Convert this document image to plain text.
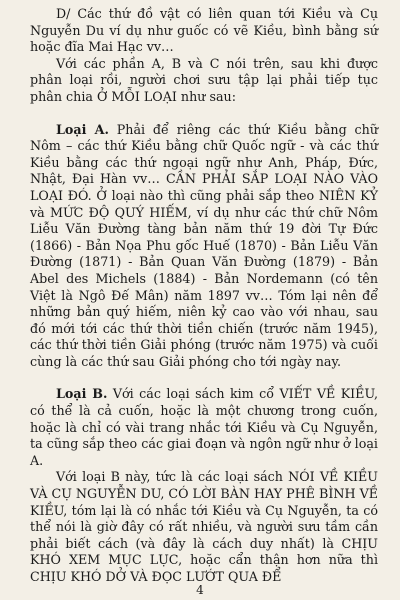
D/ Các thứ đồ vật có liên quan tới Kiều và Cụ Nguyễn Du ví dụ như guốc có vẽ Kiều, bình bằng sứ hoặc đĩa Mai Hạc vv…

Với các phần A, B và C nói trên, sau khi được phân loại rồi, người chơi sưu tập lại phải tiếp tục phân chia Ở MỖI LOẠI như sau:

Loại A. Phải để riêng các thứ Kiều bằng chữ Nôm – các thứ Kiều bằng chữ Quốc ngữ - và các thứ Kiều bằng các thứ ngoại ngữ như Anh, Pháp, Đức, Nhật, Đại Hàn vv… CẦN PHẢI SẮP LOẠI NÀO VÀO LOẠI ĐÓ. Ở loại nào thì cũng phải sắp theo NIÊN KỶ và MỨC ĐỘ QUÝ HIẾM, ví dụ như các thứ chữ Nôm Liễu Văn Đường tàng bản năm thứ 19 đời Tự Đức (1866) - Bản Nọa Phu gốc Huế (1870) - Bản Liễu Văn Đường (1871) - Bản Quan Văn Đường (1879) - Bản Abel des Michels (1884) - Bản Nordemann (có tên Việt là Ngô Đế Mân) năm 1897 vv… Tóm lại nên để những bản quý hiếm, niên kỷ cao vào với nhau, sau đó mới tới các thứ thời tiền chiến (trước năm 1945), các thứ thời tiền Giải phóng (trước năm 1975) và cuối cùng là các thứ sau Giải phóng cho tới ngày nay.

Loại B. Với các loại sách kim cổ VIẾT VỀ KIỀU, có thể là cả cuốn, hoặc là một chương trong cuốn, hoặc là chỉ có vài trang nhắc tới Kiều và Cụ Nguyễn, ta cũng sắp theo các giai đoạn và ngôn ngữ như ở loại A.

Với loại B này, tức là các loại sách NÓI VỀ KIỀU VÀ CỤ NGUYỄN DU, CÓ LỜI BÀN HAY PHÊ BÌNH VỀ KIỀU, tóm lại là có nhắc tới Kiều và Cụ Nguyễn, ta có thể nói là giờ đây có rất nhiều, và người sưu tầm cần phải biết cách (và đây là cách duy nhất) là CHỊU KHÓ XEM MỤC LỤC, hoặc cẩn thận hơn nữa thì CHỊU KHÓ DỞ VÀ ĐỌC LƯỚT QUA ĐỂ

4
